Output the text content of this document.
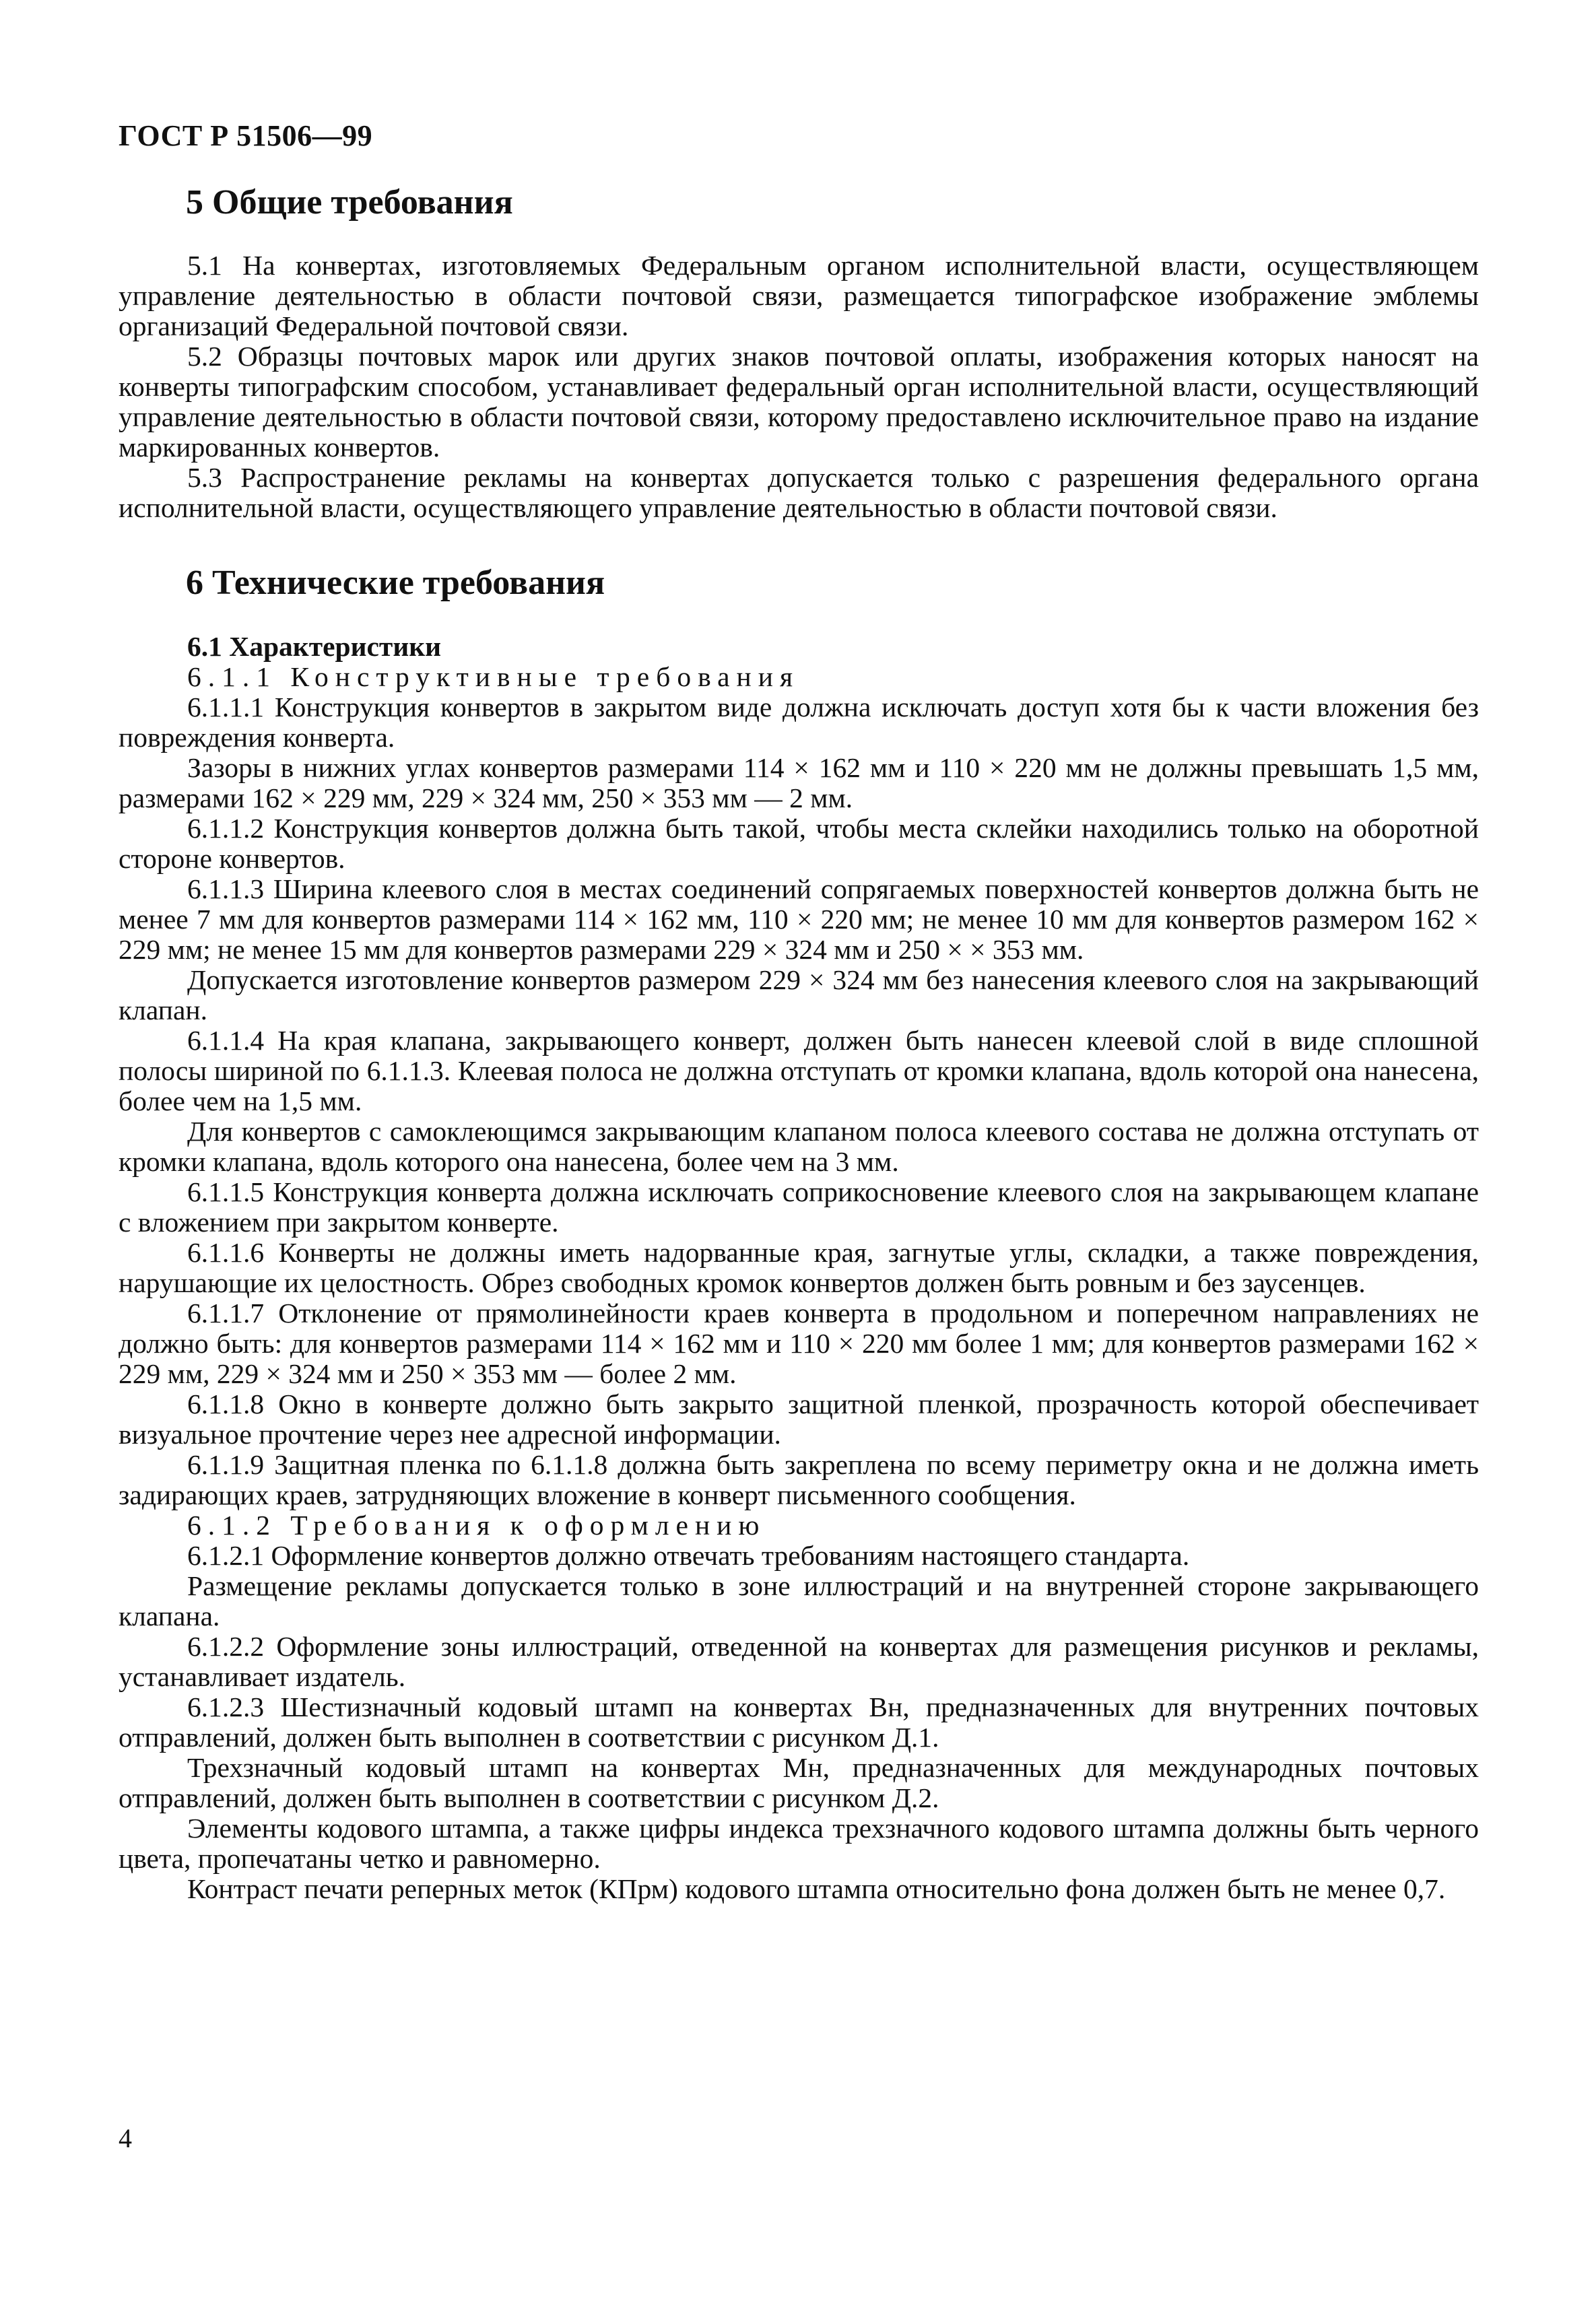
ГОСТ Р 51506—99
5 Общие требования

5.1 На конвертах, изготовляемых Федеральным органом исполнительной власти, осуществляющем управление деятельностью в области почтовой связи, размещается типографское изображение эмблемы организаций Федеральной почтовой связи.

5.2 Образцы почтовых марок или других знаков почтовой оплаты, изображения которых наносят на конверты типографским способом, устанавливает федеральный орган исполнительной власти, осуществляющий управление деятельностью в области почтовой связи, которому предоставлено исключительное право на издание маркированных конвертов.

5.3 Распространение рекламы на конвертах допускается только с разрешения федерального органа исполнительной власти, осуществляющего управление деятельностью в области почтовой связи.

6 Технические требования

6.1 Характеристики

6.1.1 Конструктивные требования

6.1.1.1 Конструкция конвертов в закрытом виде должна исключать доступ хотя бы к части вложения без повреждения конверта.

Зазоры в нижних углах конвертов размерами 114 × 162 мм и 110 × 220 мм не должны превышать 1,5 мм, размерами 162 × 229 мм, 229 × 324 мм, 250 × 353 мм — 2 мм.

6.1.1.2 Конструкция конвертов должна быть такой, чтобы места склейки находились только на оборотной стороне конвертов.

6.1.1.3 Ширина клеевого слоя в местах соединений сопрягаемых поверхностей конвертов должна быть не менее 7 мм для конвертов размерами 114 × 162 мм, 110 × 220 мм; не менее 10 мм для конвертов размером 162 × 229 мм; не менее 15 мм для конвертов размерами 229 × 324 мм и 250 × × 353 мм.

Допускается изготовление конвертов размером 229 × 324 мм без нанесения клеевого слоя на закрывающий клапан.

6.1.1.4 На края клапана, закрывающего конверт, должен быть нанесен клеевой слой в виде сплошной полосы шириной по 6.1.1.3. Клеевая полоса не должна отступать от кромки клапана, вдоль которой она нанесена, более чем на 1,5 мм.

Для конвертов с самоклеющимся закрывающим клапаном полоса клеевого состава не должна отступать от кромки клапана, вдоль которого она нанесена, более чем на 3 мм.

6.1.1.5 Конструкция конверта должна исключать соприкосновение клеевого слоя на закрывающем клапане с вложением при закрытом конверте.

6.1.1.6 Конверты не должны иметь надорванные края, загнутые углы, складки, а также повреждения, нарушающие их целостность. Обрез свободных кромок конвертов должен быть ровным и без заусенцев.

6.1.1.7 Отклонение от прямолинейности краев конверта в продольном и поперечном направлениях не должно быть: для конвертов размерами 114 × 162 мм и 110 × 220 мм более 1 мм; для конвертов размерами 162 × 229 мм, 229 × 324 мм и 250 × 353 мм — более 2 мм.

6.1.1.8 Окно в конверте должно быть закрыто защитной пленкой, прозрачность которой обеспечивает визуальное прочтение через нее адресной информации.

6.1.1.9 Защитная пленка по 6.1.1.8 должна быть закреплена по всему периметру окна и не должна иметь задирающих краев, затрудняющих вложение в конверт письменного сообщения.

6.1.2 Требования к оформлению

6.1.2.1 Оформление конвертов должно отвечать требованиям настоящего стандарта.

Размещение рекламы допускается только в зоне иллюстраций и на внутренней стороне закрывающего клапана.

6.1.2.2 Оформление зоны иллюстраций, отведенной на конвертах для размещения рисунков и рекламы, устанавливает издатель.

6.1.2.3 Шестизначный кодовый штамп на конвертах Вн, предназначенных для внутренних почтовых отправлений, должен быть выполнен в соответствии с рисунком Д.1.

Трехзначный кодовый штамп на конвертах Мн, предназначенных для международных почтовых отправлений, должен быть выполнен в соответствии с рисунком Д.2.

Элементы кодового штампа, а также цифры индекса трехзначного кодового штампа должны быть черного цвета, пропечатаны четко и равномерно.

Контраст печати реперных меток (КПрм) кодового штампа относительно фона должен быть не менее 0,7.

4
